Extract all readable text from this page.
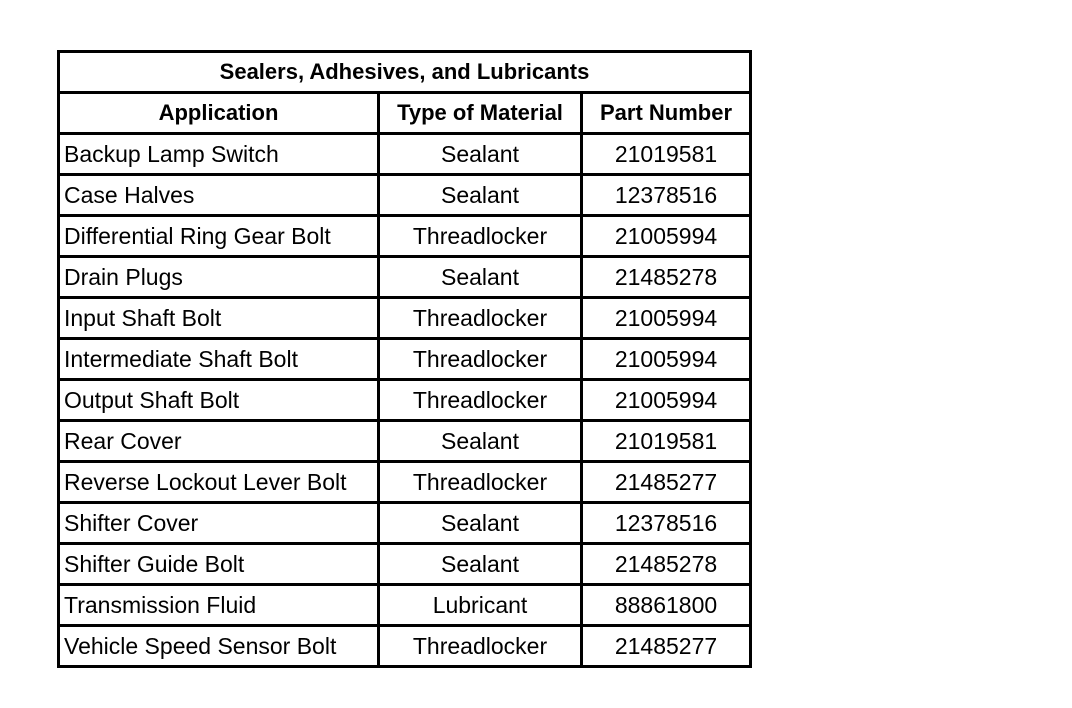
Sealers, Adhesives, and Lubricants		
Application	Type of Material	Part Number
Backup Lamp Switch	Sealant	21019581
Case Halves	Sealant	12378516
Differential Ring Gear Bolt	Threadlocker	21005994
Drain Plugs	Sealant	21485278
Input Shaft Bolt	Threadlocker	21005994
Intermediate Shaft Bolt	Threadlocker	21005994
Output Shaft Bolt	Threadlocker	21005994
Rear Cover	Sealant	21019581
Reverse Lockout Lever Bolt	Threadlocker	21485277
Shifter Cover	Sealant	12378516
Shifter Guide Bolt	Sealant	21485278
Transmission Fluid	Lubricant	88861800
Vehicle Speed Sensor Bolt	Threadlocker	21485277
